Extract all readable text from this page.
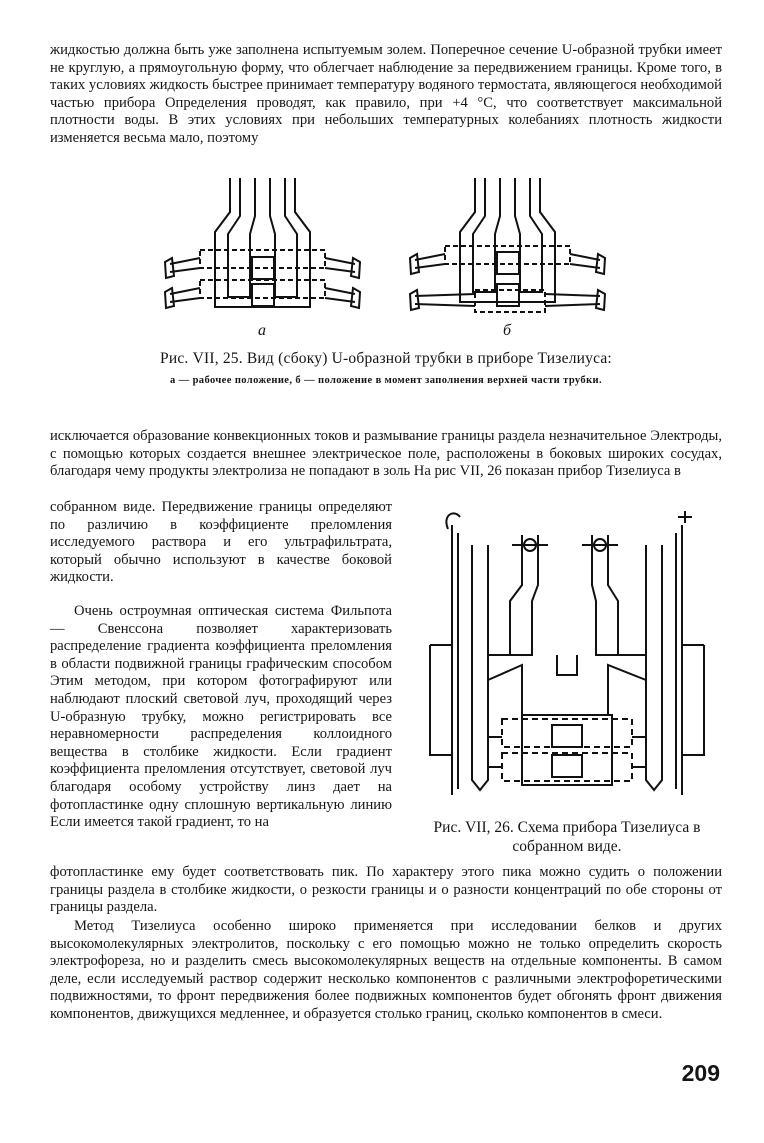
жидкостью должна быть уже заполнена испытуемым золем. Поперечное сечение U-образной трубки имеет не круглую, а прямоугольную форму, что облегчает наблюдение за передвижением границы. Кроме того, в таких условиях жидкость быстрее принимает температуру водяного термостата, являющегося необходимой частью прибора Определения проводят, как правило, при +4 °С, что соответствует максимальной плотности воды. В этих условиях при небольших температурных колебаниях плотность жидкости изменяется весьма мало, поэтому

а	б
Рис. VII, 25. Вид (сбоку) U-образной трубки в приборе Тизелиуса:
а — рабочее положение, б — положение в момент заполнения верхней части трубки.

исключается образование конвекционных токов и размывание границы раздела незначительное Электроды, с помощью которых создается внешнее электрическое поле, расположены в боковых широких сосудах, благодаря чему продукты электролиза не попадают в золь На рис VII, 26 показан прибор Тизелиуса в

собранном виде. Передвижение границы определяют по различию в коэффициенте преломления исследуемого раствора и его ультрафильтрата, который обычно используют в качестве боковой жидкости.

Очень остроумная оптическая система Фильпота — Свенссона позволяет характеризовать распределение градиента коэффициента преломления в области подвижной границы графическим способом Этим методом, при котором фотографируют или наблюдают плоский световой луч, проходящий через U-образную трубку, можно регистрировать все неравномерности распределения коллоидного вещества в столбике жидкости. Если градиент коэффициента преломления отсутствует, световой луч благодаря особому устройству линз дает на фотопластинке одну сплошную вертикальную линию Если имеется такой градиент, то на	Рис. VII, 26. Схема прибора Тизелиуса в собранном виде.

фотопластинке ему будет соответствовать пик. По характеру этого пика можно судить о положении границы раздела в столбике жидкости, о резкости границы и о разности концентраций по обе стороны от границы раздела.

Метод Тизелиуса особенно широко применяется при исследовании белков и других высокомолекулярных электролитов, поскольку с его помощью можно не только определить скорость электрофореза, но и разделить смесь высокомолекулярных веществ на отдельные компоненты. В самом деле, если исследуемый раствор содержит несколько компонентов с различными электрофоретическими подвижностями, то фронт передвижения более подвижных компонентов будет обгонять фронт движения компонентов, движущихся медленнее, и образуется столько границ, сколько компонентов в смеси.

209
